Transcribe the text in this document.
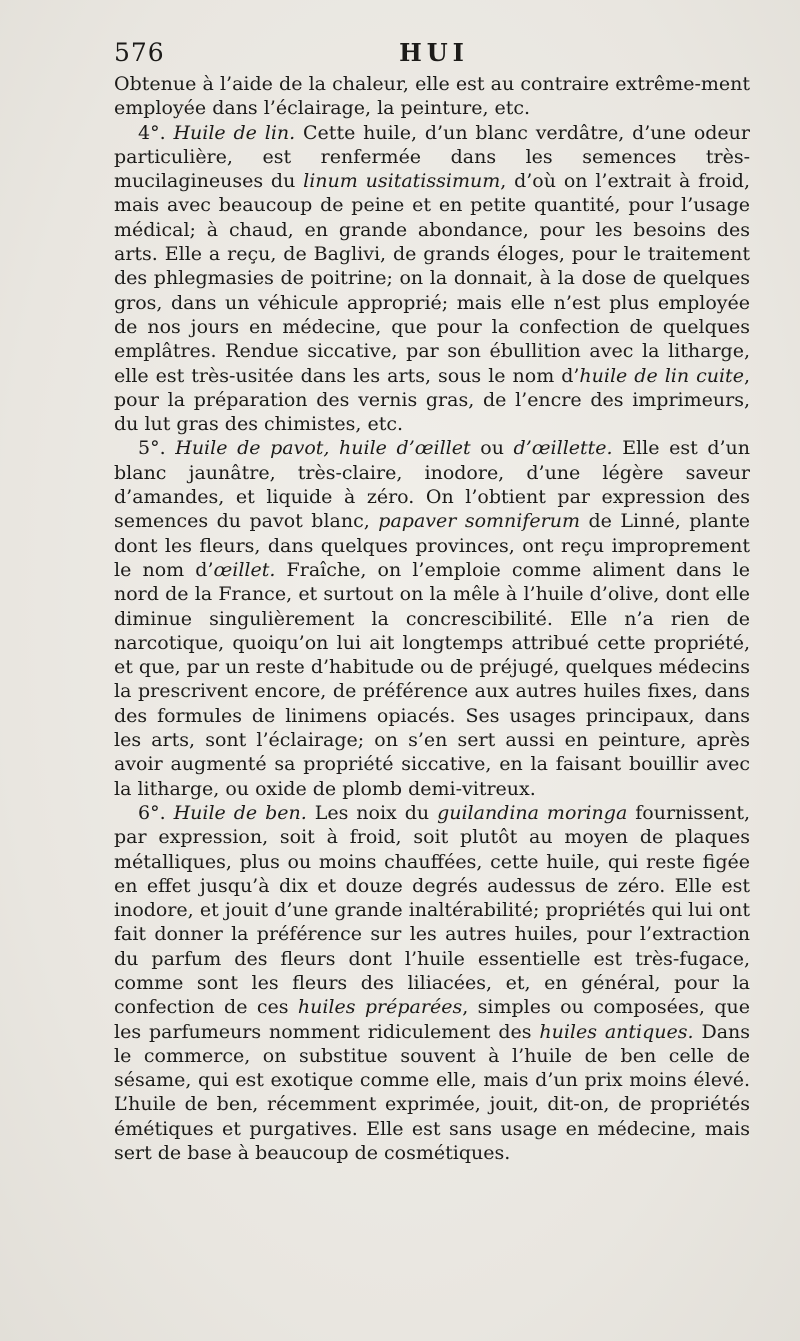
576	HUI

Obtenue à l’aide de la chaleur, elle est au contraire extrême-ment employée dans l’éclairage, la peinture, etc.

4°. Huile de lin. Cette huile, d’un blanc verdâtre, d’une odeur particulière, est renfermée dans les semences très-mucilagineuses du linum usitatissimum, d’où on l’extrait à froid, mais avec beaucoup de peine et en petite quantité, pour l’usage médical; à chaud, en grande abondance, pour les besoins des arts. Elle a reçu, de Baglivi, de grands éloges, pour le traitement des phlegmasies de poitrine; on la donnait, à la dose de quelques gros, dans un véhicule approprié; mais elle n’est plus employée de nos jours en médecine, que pour la confection de quelques emplâtres. Rendue siccative, par son ébullition avec la litharge, elle est très-usitée dans les arts, sous le nom d’huile de lin cuite, pour la préparation des vernis gras, de l’encre des imprimeurs, du lut gras des chimistes, etc.

5°. Huile de pavot, huile d’œillet ou d’œillette. Elle est d’un blanc jaunâtre, très-claire, inodore, d’une légère saveur d’amandes, et liquide à zéro. On l’obtient par expression des semences du pavot blanc, papaver somniferum de Linné, plante dont les fleurs, dans quelques provinces, ont reçu improprement le nom d’œillet. Fraîche, on l’emploie comme aliment dans le nord de la France, et surtout on la mêle à l’huile d’olive, dont elle diminue singulièrement la concrescibilité. Elle n’a rien de narcotique, quoiqu’on lui ait longtemps attribué cette propriété, et que, par un reste d’habitude ou de préjugé, quelques médecins la prescrivent encore, de préférence aux autres huiles fixes, dans des formules de linimens opiacés. Ses usages principaux, dans les arts, sont l’éclairage; on s’en sert aussi en peinture, après avoir augmenté sa propriété siccative, en la faisant bouillir avec la litharge, ou oxide de plomb demi-vitreux.

6°. Huile de ben. Les noix du guilandina moringa fournissent, par expression, soit à froid, soit plutôt au moyen de plaques métalliques, plus ou moins chauffées, cette huile, qui reste figée en effet jusqu’à dix et douze degrés audessus de zéro. Elle est inodore, et jouit d’une grande inaltérabilité; propriétés qui lui ont fait donner la préférence sur les autres huiles, pour l’extraction du parfum des fleurs dont l’huile essentielle est très-fugace, comme sont les fleurs des liliacées, et, en général, pour la confection de ces huiles préparées, simples ou composées, que les parfumeurs nomment ridiculement des huiles antiques. Dans le commerce, on substitue souvent à l’huile de ben celle de sésame, qui est exotique comme elle, mais d’un prix moins élevé. L’huile de ben, récemment exprimée, jouit, dit-on, de propriétés émétiques et purgatives. Elle est sans usage en médecine, mais sert de base à beaucoup de cosmétiques.
